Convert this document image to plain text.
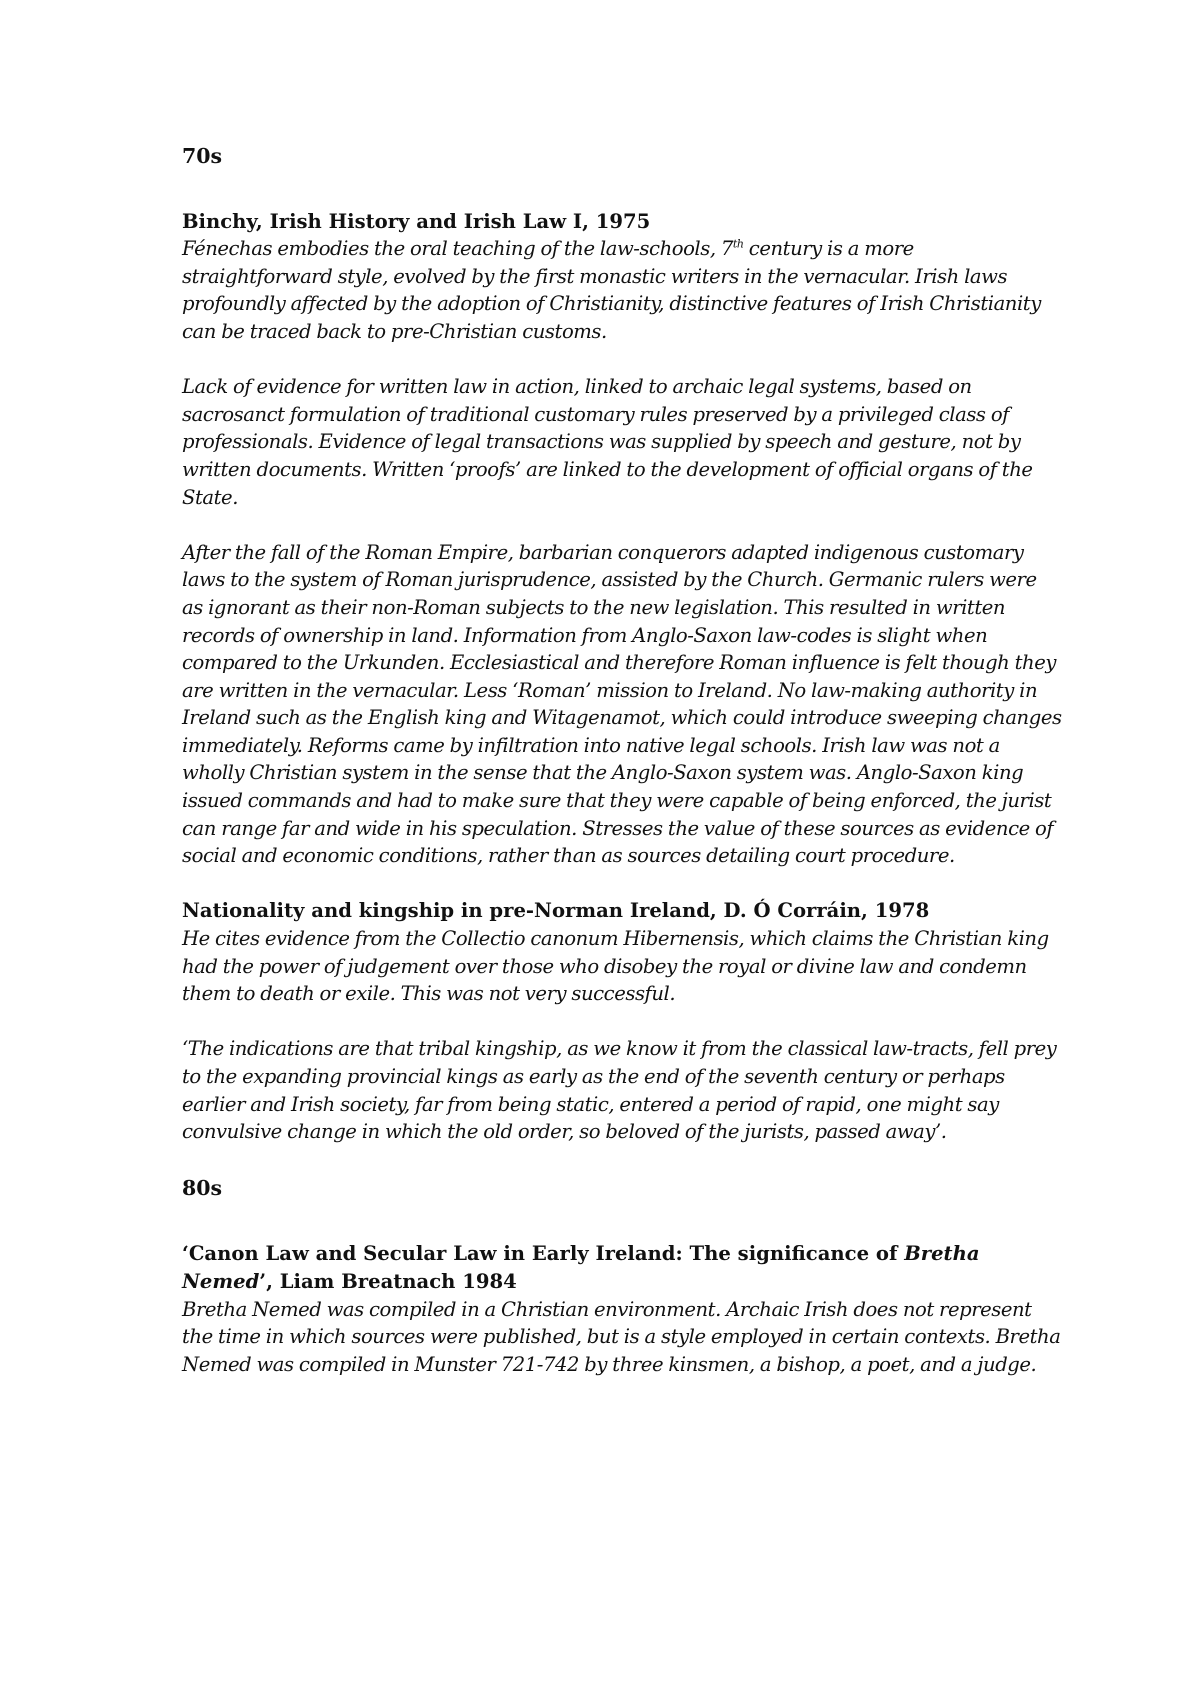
70s

Binchy, Irish History and Irish Law I, 1975

Fénechas embodies the oral teaching of the law-schools, 7th century is a more straightforward style, evolved by the first monastic writers in the vernacular. Irish laws profoundly affected by the adoption of Christianity, distinctive features of Irish Christianity can be traced back to pre-Christian customs.

Lack of evidence for written law in action, linked to archaic legal systems, based on sacrosanct formulation of traditional customary rules preserved by a privileged class of professionals. Evidence of legal transactions was supplied by speech and gesture, not by written documents. Written ‘proofs’ are linked to the development of official organs of the State.

After the fall of the Roman Empire, barbarian conquerors adapted indigenous customary laws to the system of Roman jurisprudence, assisted by the Church. Germanic rulers were as ignorant as their non-Roman subjects to the new legislation. This resulted in written records of ownership in land. Information from Anglo-Saxon law-codes is slight when compared to the Urkunden. Ecclesiastical and therefore Roman influence is felt though they are written in the vernacular. Less ‘Roman’ mission to Ireland. No law-making authority in Ireland such as the English king and Witagenamot, which could introduce sweeping changes immediately. Reforms came by infiltration into native legal schools. Irish law was not a wholly Christian system in the sense that the Anglo-Saxon system was. Anglo-Saxon king issued commands and had to make sure that they were capable of being enforced, the jurist can range far and wide in his speculation. Stresses the value of these sources as evidence of social and economic conditions, rather than as sources detailing court procedure.

Nationality and kingship in pre-Norman Ireland, D. Ó Corráin, 1978

He cites evidence from the Collectio canonum Hibernensis, which claims the Christian king had the power of judgement over those who disobey the royal or divine law and condemn them to death or exile. This was not very successful.

‘The indications are that tribal kingship, as we know it from the classical law-tracts, fell prey to the expanding provincial kings as early as the end of the seventh century or perhaps earlier and Irish society, far from being static, entered a period of rapid, one might say convulsive change in which the old order, so beloved of the jurists, passed away’.

80s

‘Canon Law and Secular Law in Early Ireland: The significance of Bretha Nemed’, Liam Breatnach 1984

Bretha Nemed was compiled in a Christian environment. Archaic Irish does not represent the time in which sources were published, but is a style employed in certain contexts. Bretha Nemed was compiled in Munster 721-742 by three kinsmen, a bishop, a poet, and a judge.
